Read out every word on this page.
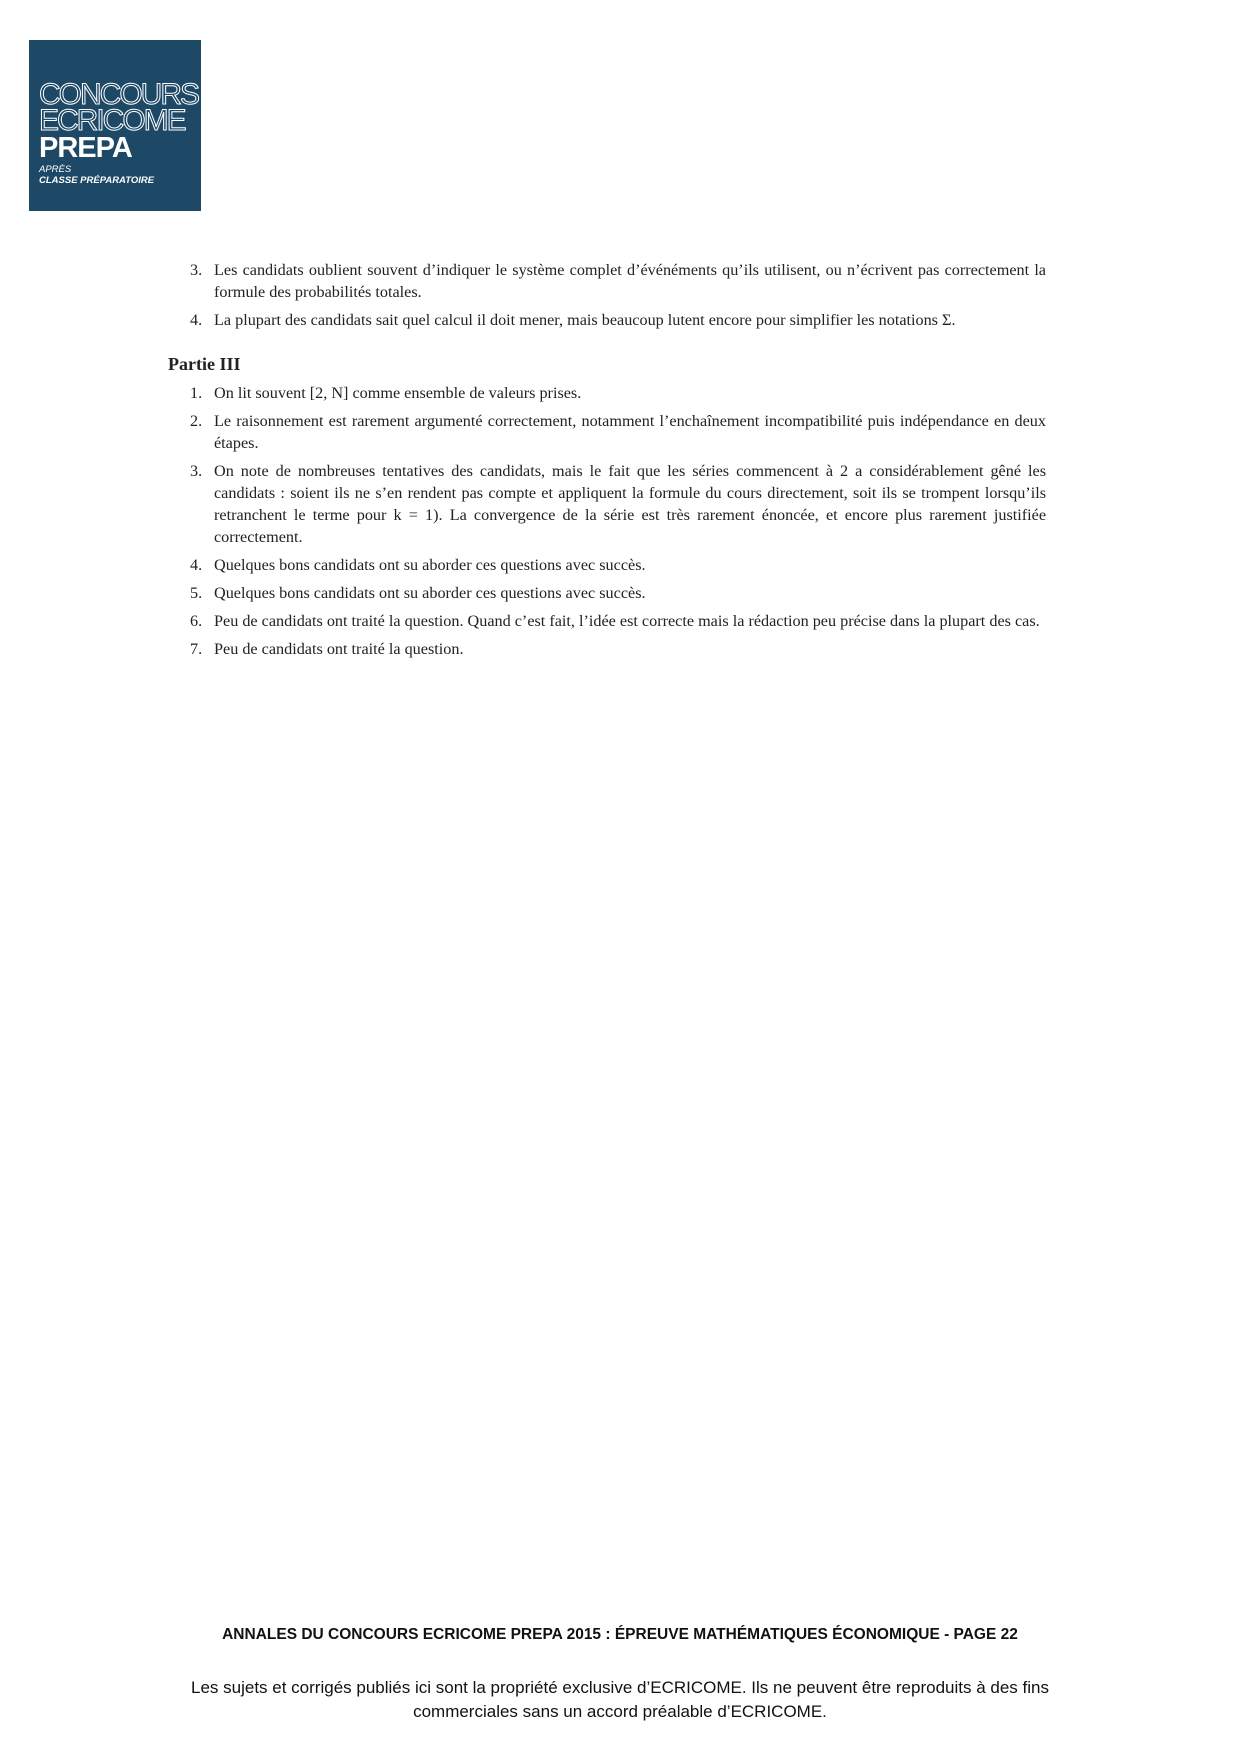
CONCOURS
ECRICOME
PREPA
APRÈS
CLASSE PRÉPARATOIRE
3. Les candidats oublient souvent d’indiquer le système complet d’événéments qu’ils utilisent, ou n’écrivent pas correctement la formule des probabilités totales.
4. La plupart des candidats sait quel calcul il doit mener, mais beaucoup lutent encore pour simplifier les notations Σ.
Partie III
1. On lit souvent [2, N] comme ensemble de valeurs prises.
2. Le raisonnement est rarement argumenté correctement, notamment l’enchaînement incompatibilité puis indépendance en deux étapes.
3. On note de nombreuses tentatives des candidats, mais le fait que les séries commencent à 2 a considérablement gêné les candidats : soient ils ne s’en rendent pas compte et appliquent la formule du cours directement, soit ils se trompent lorsqu’ils retranchent le terme pour k = 1). La convergence de la série est très rarement énoncée, et encore plus rarement justifiée correctement.
4. Quelques bons candidats ont su aborder ces questions avec succès.
5. Quelques bons candidats ont su aborder ces questions avec succès.
6. Peu de candidats ont traité la question. Quand c’est fait, l’idée est correcte mais la rédaction peu précise dans la plupart des cas.
7. Peu de candidats ont traité la question.
ANNALES DU CONCOURS ECRICOME PREPA 2015 : ÉPREUVE MATHÉMATIQUES ÉCONOMIQUE - PAGE 22
Les sujets et corrigés publiés ici sont la propriété exclusive d’ECRICOME. Ils ne peuvent être reproduits à des fins commerciales sans un accord préalable d’ECRICOME.
